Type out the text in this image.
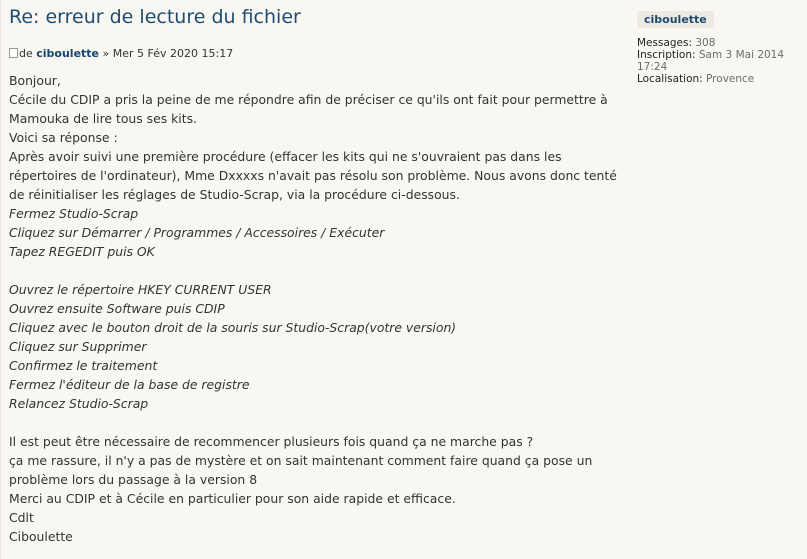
Re: erreur de lecture du fichier
de ciboulette » Mer 5 Fév 2020 15:17
Bonjour,
Cécile du CDIP a pris la peine de me répondre afin de préciser ce qu'ils ont fait pour permettre à
Mamouka de lire tous ses kits.
Voici sa réponse :
Après avoir suivi une première procédure (effacer les kits qui ne s'ouvraient pas dans les
répertoires de l'ordinateur), Mme Dxxxxs n'avait pas résolu son problème. Nous avons donc tenté
de réinitialiser les réglages de Studio-Scrap, via la procédure ci-dessous.
Fermez Studio-Scrap
Cliquez sur Démarrer / Programmes / Accessoires / Exécuter
Tapez REGEDIT puis OK
Ouvrez le répertoire HKEY CURRENT USER
Ouvrez ensuite Software puis CDIP
Cliquez avec le bouton droit de la souris sur Studio-Scrap(votre version)
Cliquez sur Supprimer
Confirmez le traitement
Fermez l'éditeur de la base de registre
Relancez Studio-Scrap
Il est peut être nécessaire de recommencer plusieurs fois quand ça ne marche pas ?
ça me rassure, il n'y a pas de mystère et on sait maintenant comment faire quand ça pose un
problème lors du passage à la version 8
Merci au CDIP et à Cécile en particulier pour son aide rapide et efficace.
Cdlt
Ciboulette
ciboulette
Messages: 308
Inscription: Sam 3 Mai 2014 17:24
Localisation: Provence
